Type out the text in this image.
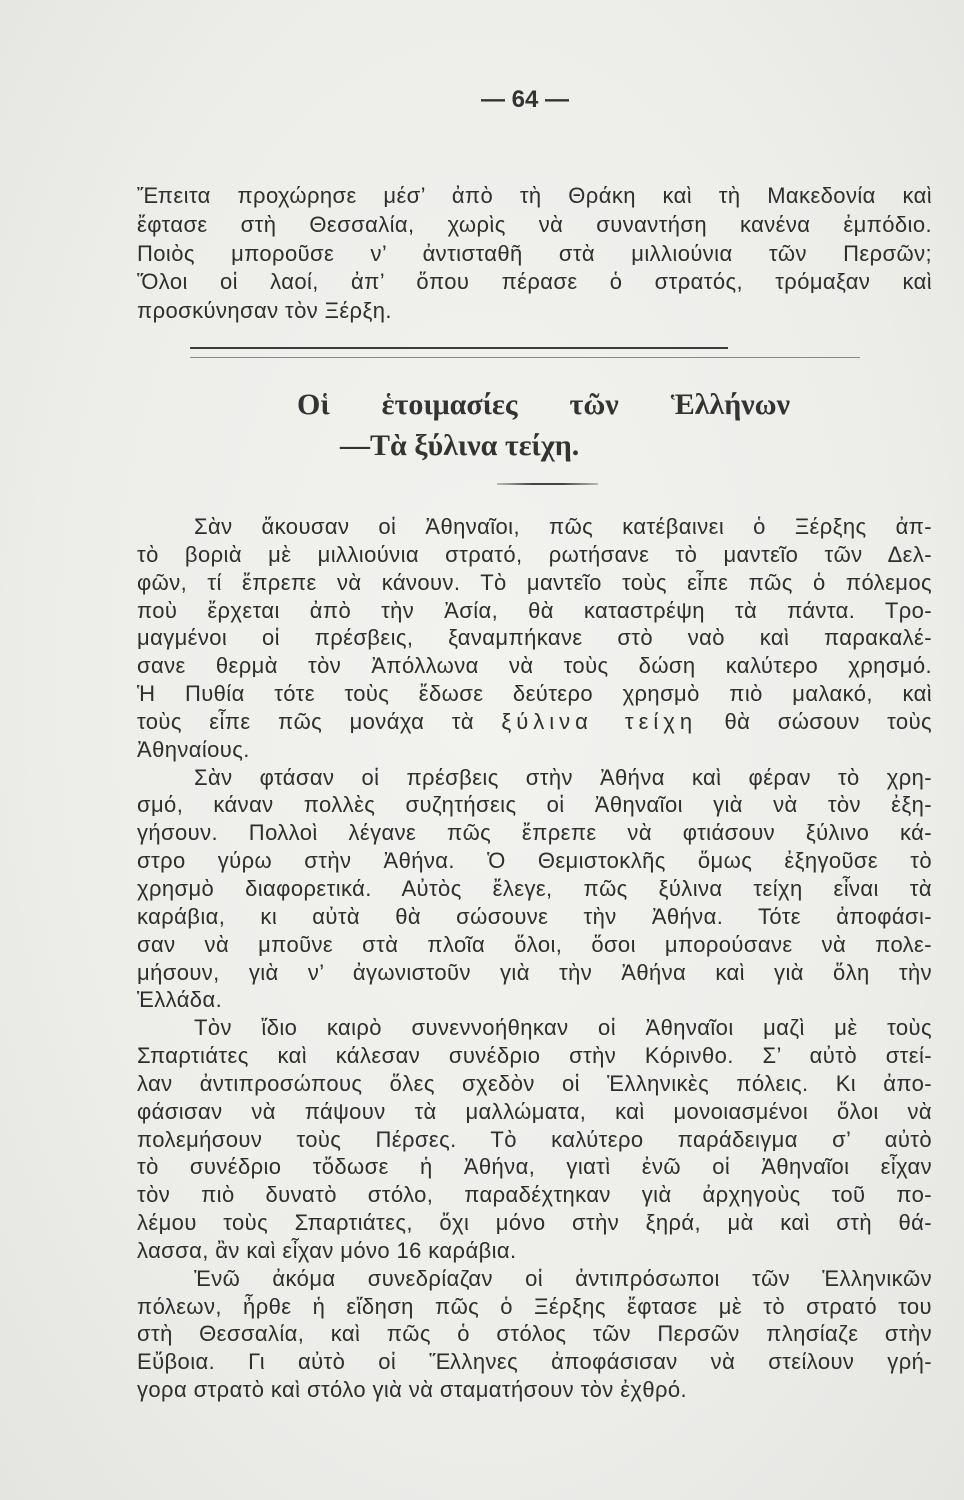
— 64 —
Ἔπειτα προχώρησε μέσ’ ἀπὸ τὴ Θράκη καὶ τὴ Μακεδονία καὶ
ἔφτασε στὴ Θεσσαλία, χωρὶς νὰ συναντήση κανένα ἐμπόδιο.
Ποιὸς μποροῦσε ν’ ἀντισταθῆ στὰ μιλλιούνια τῶν Περσῶν;
Ὅλοι οἱ λαοί, ἀπ’ ὅπου πέρασε ὁ στρατός, τρόμαξαν καὶ
προσκύνησαν τὸν Ξέρξη.
Οἱ ἑτοιμασίες τῶν Ἑλλήνων
—Τὰ ξύλινα τείχη.
Σὰν ἄκουσαν οἱ Ἀθηναῖοι, πῶς κατέβαινει ὁ Ξέρξης ἀπ-
τὸ βοριὰ μὲ μιλλιούνια στρατό, ρωτήσανε τὸ μαντεῖο τῶν Δελ-
φῶν, τί ἔπρεπε νὰ κάνουν. Τὸ μαντεῖο τοὺς εἶπε πῶς ὁ πόλεμος
ποὺ ἔρχεται ἀπὸ τὴν Ἀσία, θὰ καταστρέψη τὰ πάντα. Τρο-
μαγμένοι οἱ πρέσβεις, ξαναμπήκανε στὸ ναὸ καὶ παρακαλέ-
σανε θερμὰ τὸν Ἀπόλλωνα νὰ τοὺς δώση καλύτερο χρησμό.
Ἡ Πυθία τότε τοὺς ἔδωσε δεύτερο χρησμὸ πιὸ μαλακό, καὶ
τοὺς εἶπε πῶς μονάχα τὰ ξύλινα τείχη θὰ σώσουν τοὺς
Ἀθηναίους.
Σὰν φτάσαν οἱ πρέσβεις στὴν Ἀθήνα καὶ φέραν τὸ χρη-
σμό, κάναν πολλὲς συζητήσεις οἱ Ἀθηναῖοι γιὰ νὰ τὸν ἐξη-
γήσουν. Πολλοὶ λέγανε πῶς ἔπρεπε νὰ φτιάσουν ξύλινο κά-
στρο γύρω στὴν Ἀθήνα. Ὁ Θεμιστοκλῆς ὅμως ἐξηγοῦσε τὸ
χρησμὸ διαφορετικά. Αὐτὸς ἔλεγε, πῶς ξύλινα τείχη εἶναι τὰ
καράβια, κι αὐτὰ θὰ σώσουνε τὴν Ἀθήνα. Τότε ἀποφάσι-
σαν νὰ μποῦνε στὰ πλοῖα ὅλοι, ὅσοι μπορούσανε νὰ πολε-
μήσουν, γιὰ ν’ ἀγωνιστοῦν γιὰ τὴν Ἀθήνα καὶ γιὰ ὅλη τὴν
Ἑλλάδα.
Τὸν ἴδιο καιρὸ συνεννοήθηκαν οἱ Ἀθηναῖοι μαζὶ μὲ τοὺς
Σπαρτιάτες καὶ κάλεσαν συνέδριο στὴν Κόρινθο. Σ’ αὐτὸ στεί-
λαν ἀντιπροσώπους ὅλες σχεδὸν οἱ Ἑλληνικὲς πόλεις. Κι ἀπο-
φάσισαν νὰ πάψουν τὰ μαλλώματα, καὶ μονοιασμένοι ὅλοι νὰ
πολεμήσουν τοὺς Πέρσες. Τὸ καλύτερο παράδειγμα σ’ αὐτὸ
τὸ συνέδριο τὄδωσε ἡ Ἀθήνα, γιατὶ ἐνῶ οἱ Ἀθηναῖοι εἶχαν
τὸν πιὸ δυνατὸ στόλο, παραδέχτηκαν γιὰ ἀρχηγοὺς τοῦ πο-
λέμου τοὺς Σπαρτιάτες, ὄχι μόνο στὴν ξηρά, μὰ καὶ στὴ θά-
λασσα, ἂν καὶ εἶχαν μόνο 16 καράβια.
Ἐνῶ ἀκόμα συνεδρίαζαν οἱ ἀντιπρόσωποι τῶν Ἑλληνικῶν
πόλεων, ἦρθε ἡ εἴδηση πῶς ὁ Ξέρξης ἔφτασε μὲ τὸ στρατό του
στὴ Θεσσαλία, καὶ πῶς ὁ στόλος τῶν Περσῶν πλησίαζε στὴν
Εὔβοια. Γι αὐτὸ οἱ Ἕλληνες ἀποφάσισαν νὰ στείλουν γρή-
γορα στρατὸ καὶ στόλο γιὰ νὰ σταματήσουν τὸν ἐχθρό.
